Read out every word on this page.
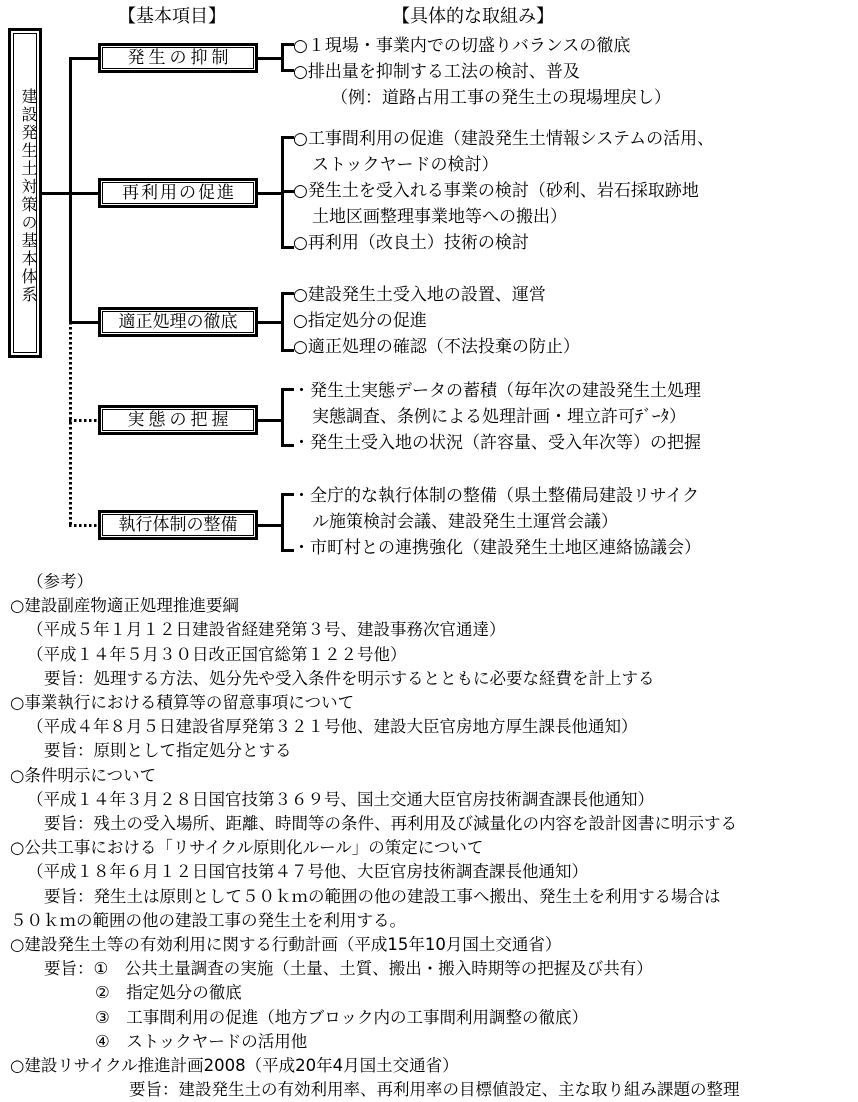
【基本項目】	【具体的な取組み】
建設発生土対策の基本体系
発生の抑制
○１現場・事業内での切盛りバランスの徹底
○排出量を抑制する工法の検討、普及
（例：道路占用工事の発生土の現場埋戻し）
再利用の促進
○工事間利用の促進（建設発生土情報システムの活用、
ストックヤードの検討）
○発生土を受入れる事業の検討（砂利、岩石採取跡地
土地区画整理事業地等への搬出）
○再利用（改良土）技術の検討
適正処理の徹底
○建設発生土受入地の設置、運営
○指定処分の促進
○適正処理の確認（不法投棄の防止）
実態の把握
・発生土実態データの蓄積（毎年次の建設発生土処理
実態調査、条例による処理計画・埋立許可ﾃﾞｰﾀ）
・発生土受入地の状況（許容量、受入年次等）の把握
執行体制の整備
・全庁的な執行体制の整備（県土整備局建設リサイク
ル施策検討会議、建設発生土運営会議）
・市町村との連携強化（建設発生土地区連絡協議会）
（参考）
○建設副産物適正処理推進要綱
（平成５年１月１２日建設省経建発第３号、建設事務次官通達）
（平成１４年５月３０日改正国官総第１２２号他）
要旨：処理する方法、処分先や受入条件を明示するとともに必要な経費を計上する
○事業執行における積算等の留意事項について
（平成４年８月５日建設省厚発第３２１号他、建設大臣官房地方厚生課長他通知）
要旨：原則として指定処分とする
○条件明示について
（平成１４年３月２８日国官技第３６９号、国土交通大臣官房技術調査課長他通知）
要旨：残土の受入場所、距離、時間等の条件、再利用及び減量化の内容を設計図書に明示する
○公共工事における「リサイクル原則化ルール」の策定について
（平成１８年６月１２日国官技第４７号他、大臣官房技術調査課長他通知）
要旨：発生土は原則として５０ｋｍの範囲の他の建設工事へ搬出、発生土を利用する場合は
５０ｋｍの範囲の他の建設工事の発生土を利用する。
○建設発生土等の有効利用に関する行動計画（平成15年10月国土交通省）
要旨：①　公共土量調査の実施（土量、土質、搬出・搬入時期等の把握及び共有）
②　指定処分の徹底
③　工事間利用の促進（地方ブロック内の工事間利用調整の徹底）
④　ストックヤードの活用他
○建設リサイクル推進計画2008（平成20年4月国土交通省）
要旨：建設発生土の有効利用率、再利用率の目標値設定、主な取り組み課題の整理
